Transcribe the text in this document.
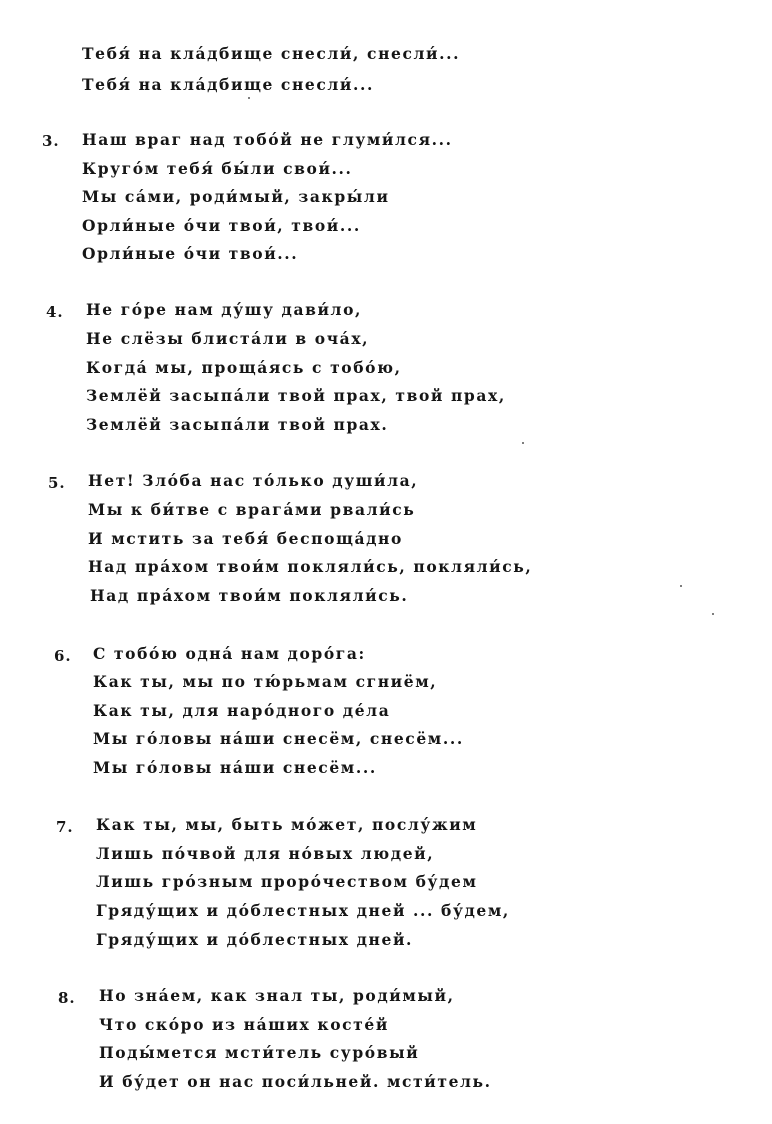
Тебя́ на кла́дбище снесли́, снесли́...
Тебя́ на кла́дбище снесли́...
3. Наш враг над тобо́й не глуми́лся...
Круго́м тебя́ бы́ли свои́...
Мы са́ми, роди́мый, закры́ли
Орли́ные о́чи твои́, твои́...
Орли́ные о́чи твои́...
4. Не го́ре нам ду́шу дави́ло,
Не слёзы блиста́ли в оча́х,
Когда́ мы, проща́ясь с тобо́ю,
Землёй засыпа́ли твой прах, твой прах,
Землёй засыпа́ли твой прах.
5. Нет! Зло́ба нас то́лько души́ла,
Мы к би́тве с врага́ми рвали́сь
И мстить за тебя́ беспоща́дно
Над пра́хом твои́м покляли́сь, покляли́сь,
Над пра́хом твои́м покляли́сь.
6. С тобо́ю одна́ нам доро́га:
Как ты, мы по тю́рьмам сгниём,
Как ты, для наро́дного де́ла
Мы го́ловы на́ши снесём, снесём...
Мы го́ловы на́ши снесём...
7. Как ты, мы, быть мо́жет, послу́жим
Лишь по́чвой для но́вых людей,
Лишь гро́зным проро́чеством бу́дем
Гряду́щих и до́блестных дней ... бу́дем,
Гряду́щих и до́блестных дней.
8. Но зна́ем, как знал ты, роди́мый,
Что ско́ро из на́ших косте́й
Поды́мется мсти́тель суро́вый
И бу́дет он нас поси́льней. мсти́тель.
